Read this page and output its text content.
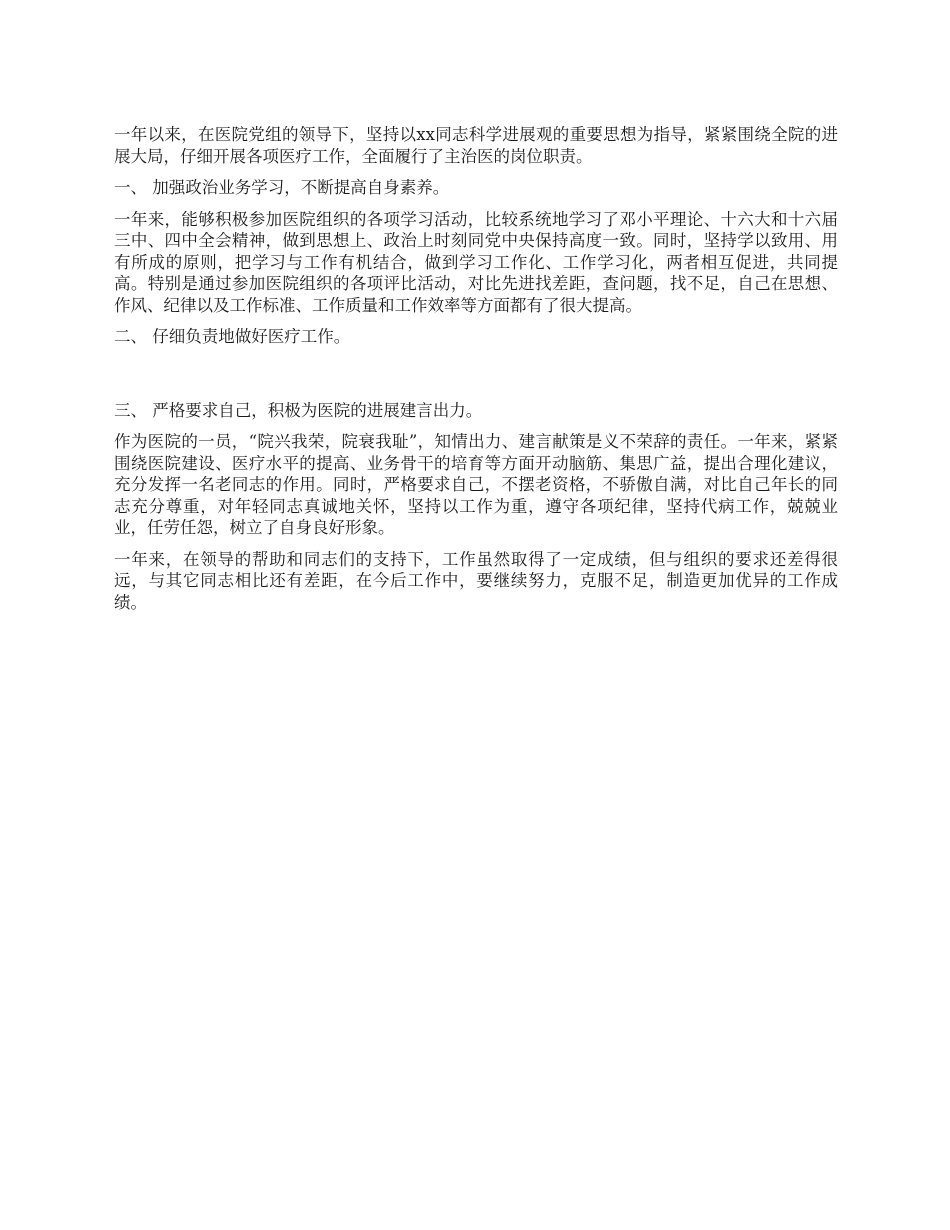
一年以来，在医院党组的领导下，坚持以xx同志科学进展观的重要思想为指导，紧紧围绕全院的进展大局，仔细开展各项医疗工作，全面履行了主治医的岗位职责。

一、 加强政治业务学习，不断提高自身素养。

一年来，能够积极参加医院组织的各项学习活动，比较系统地学习了邓小平理论、十六大和十六届三中、四中全会精神，做到思想上、政治上时刻同党中央保持高度一致。同时，坚持学以致用、用有所成的原则，把学习与工作有机结合，做到学习工作化、工作学习化，两者相互促进，共同提高。特别是通过参加医院组织的各项评比活动，对比先进找差距，查问题，找不足，自己在思想、作风、纪律以及工作标准、工作质量和工作效率等方面都有了很大提高。

二、 仔细负责地做好医疗工作。

三、 严格要求自己，积极为医院的进展建言出力。

作为医院的一员，“院兴我荣，院衰我耻”，知情出力、建言献策是义不荣辞的责任。一年来，紧紧围绕医院建设、医疗水平的提高、业务骨干的培育等方面开动脑筋、集思广益，提出合理化建议，充分发挥一名老同志的作用。同时，严格要求自己，不摆老资格，不骄傲自满，对比自己年长的同志充分尊重，对年轻同志真诚地关怀，坚持以工作为重，遵守各项纪律，坚持代病工作，兢兢业业，任劳任怨，树立了自身良好形象。

一年来，在领导的帮助和同志们的支持下，工作虽然取得了一定成绩，但与组织的要求还差得很远，与其它同志相比还有差距，在今后工作中，要继续努力，克服不足，制造更加优异的工作成绩。
